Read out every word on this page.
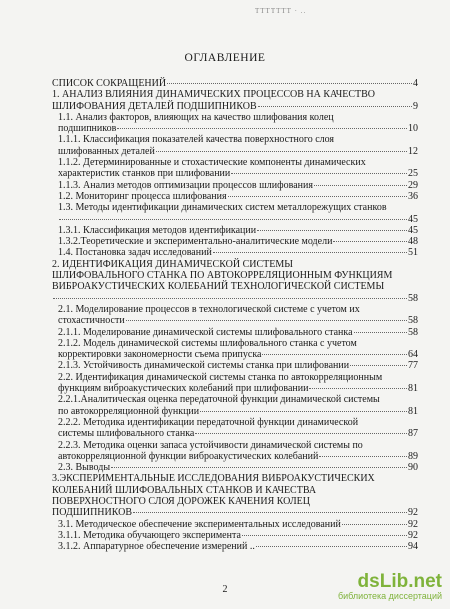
ТТТТТТТ · ..
ОГЛАВЛЕНИЕ
СПИСОК СОКРАЩЕНИЙ	4
1. АНАЛИЗ ВЛИЯНИЯ ДИНАМИЧЕСКИХ ПРОЦЕССОВ НА КАЧЕСТВО
ШЛИФОВАНИЯ ДЕТАЛЕЙ ПОДШИПНИКОВ	9
1.1. Анализ факторов, влияющих на качество шлифования колец
подшипников	10
1.1.1. Классификация показателей качества поверхностного слоя
шлифованных деталей	12
1.1.2. Детерминированные и стохастические компоненты динамических
характеристик станков при шлифовании	25
1.1.3. Анализ методов оптимизации процессов шлифования	29
1.2. Мониторинг процесса шлифования	36
1.3. Методы идентификации динамических систем металлорежущих станков
45
1.3.1. Классификация методов идентификации	45
1.3.2.Теоретические и экспериментально-аналитические модели	48
1.4. Постановка задач исследований	51
2. ИДЕНТИФИКАЦИЯ ДИНАМИЧЕСКОЙ СИСТЕМЫ
ШЛИФОВАЛЬНОГО СТАНКА ПО АВТОКОРРЕЛЯЦИОННЫМ ФУНКЦИЯМ
ВИБРОАКУСТИЧЕСКИХ КОЛЕБАНИЙ ТЕХНОЛОГИЧЕСКОЙ СИСТЕМЫ
58
2.1. Моделирование процессов в технологической системе с учетом их
стохастичности	58
2.1.1. Моделирование динамической системы шлифовального станка	58
2.1.2. Модель динамической системы шлифовального станка с учетом
корректировки закономерности съема припуска	64
2.1.3. Устойчивость динамической системы станка при шлифовании	77
2.2. Идентификация динамической системы станка по автокорреляционным
функциям виброакустических колебаний при шлифовании	81
2.2.1.Аналитическая оценка передаточной функции динамической системы
по автокорреляционной функции	81
2.2.2. Методика идентификации передаточной функции динамической
системы шлифовального станка	87
2.2.3. Методика оценки запаса устойчивости динамической системы по
автокорреляционной функции виброакустических колебаний	89
2.3. Выводы	90
3.ЭКСПЕРИМЕНТАЛЬНЫЕ ИССЛЕДОВАНИЯ ВИБРОАКУСТИЧЕСКИХ
КОЛЕБАНИЙ ШЛИФОВАЛЬНЫХ СТАНКОВ И КАЧЕСТВА
ПОВЕРХНОСТНОГО СЛОЯ ДОРОЖЕК КАЧЕНИЯ КОЛЕЦ
ПОДШИПНИКОВ	92
3.1. Методическое обеспечение экспериментальных исследований	92
3.1.1. Методика обучающего эксперимента	92
3.1.2. Аппаратурное обеспечение измерений ..	94
2	dsLib.net
библиотека диссертаций
